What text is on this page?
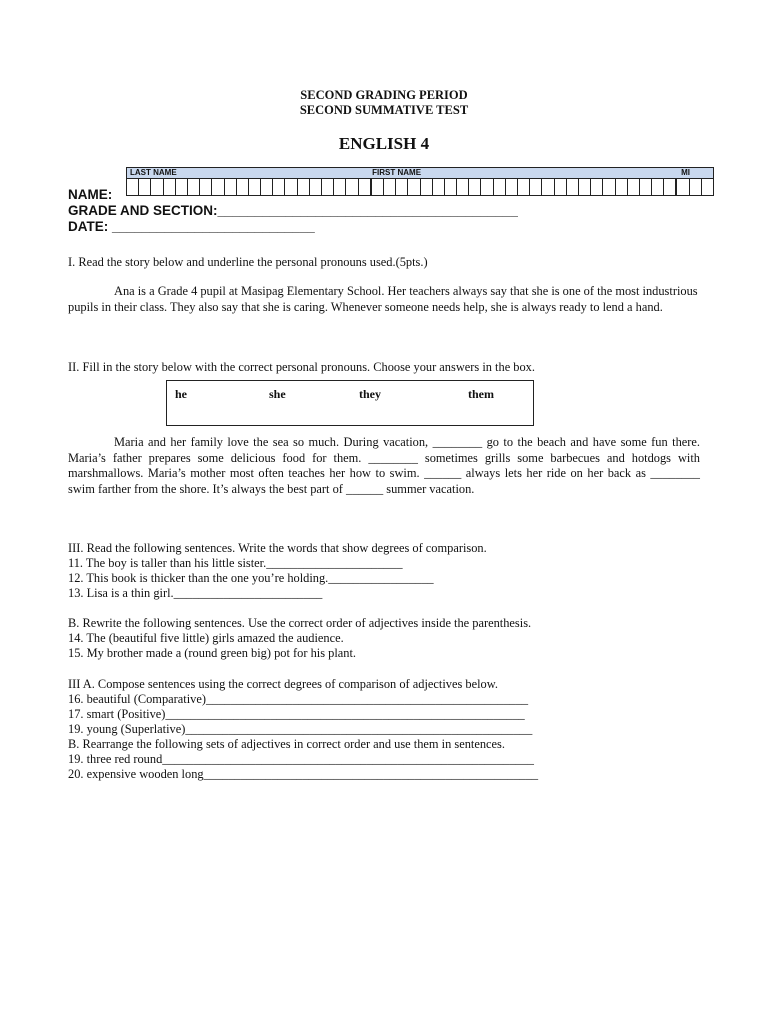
SECOND GRADING PERIOD
SECOND SUMMATIVE TEST
ENGLISH 4
LAST NAME	FIRST NAME	MI
NAME:
GRADE AND SECTION:________________________________________
DATE: ___________________________
I. Read the story below and underline the personal pronouns used.(5pts.)
Ana is a Grade 4 pupil at Masipag Elementary School. Her teachers always say that she is one of the most industrious pupils in their class. They also say that she is caring. Whenever someone needs help, she is always ready to lend a hand.
II. Fill in the story below with the correct personal pronouns. Choose your answers in the box.
he	she	they	them
Maria and her family love the sea so much. During vacation, ________ go to the beach and have some fun there. Maria’s father prepares some delicious food for them. ________ sometimes grills some barbecues and hotdogs with marshmallows. Maria’s mother most often teaches her how to swim. ______ always lets her ride on her back as ________ swim farther from the shore. It’s always the best part of ______ summer vacation.
III. Read the following sentences. Write the words that show degrees of comparison.
11. The boy is taller than his little sister.______________________
12. This book is thicker than the one you’re holding._________________
13. Lisa is a thin girl.________________________
B. Rewrite the following sentences. Use the correct order of adjectives inside the parenthesis.
14. The (beautiful five little) girls amazed the audience.
15. My brother made a (round green big) pot for his plant.
III A. Compose sentences using the correct degrees of comparison of adjectives below.
16. beautiful (Comparative)____________________________________________________
17. smart (Positive)__________________________________________________________
19. young (Superlative)________________________________________________________
B. Rearrange the following sets of adjectives in correct order and use them in sentences.
19. three red round____________________________________________________________
20. expensive wooden long______________________________________________________
